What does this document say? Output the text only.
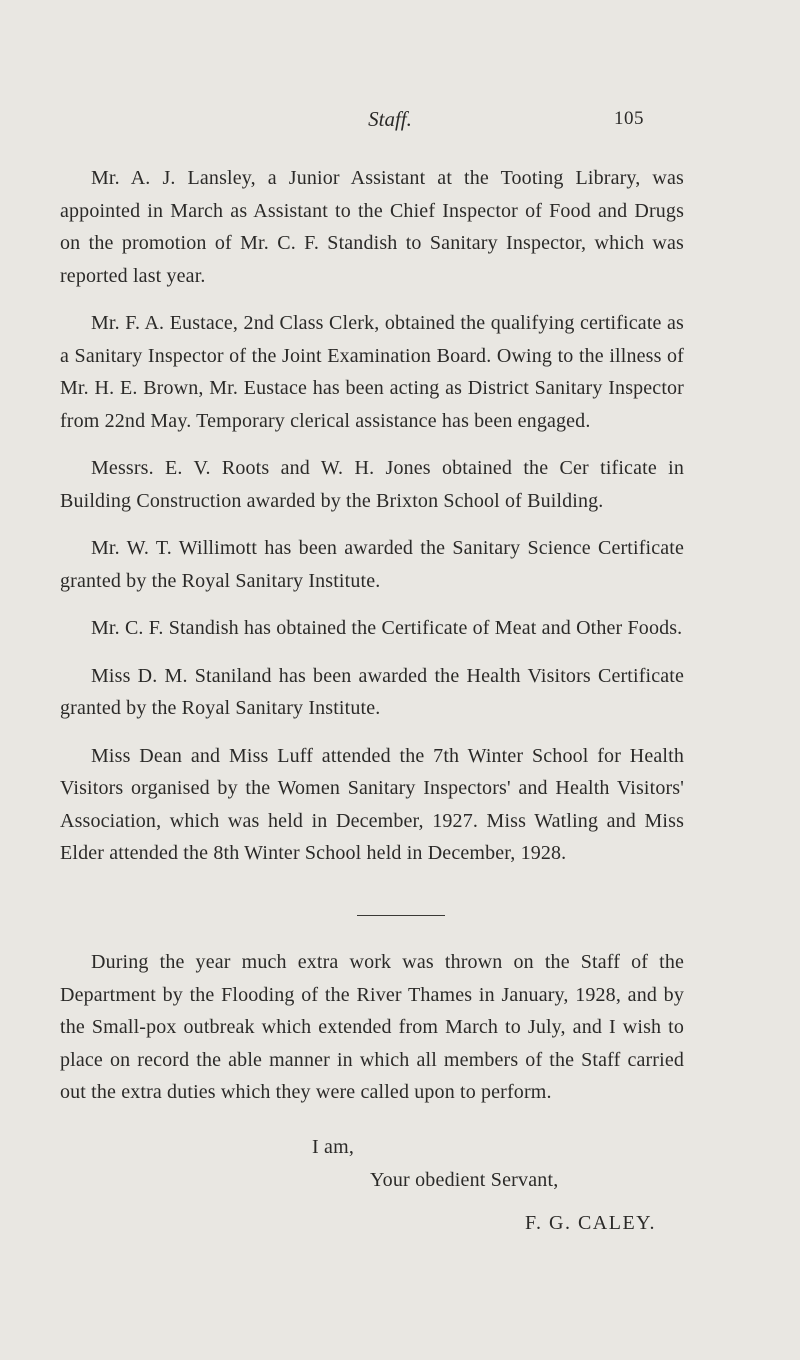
Staff.	105

Mr. A. J. Lansley, a Junior Assistant at the Tooting Library, was appointed in March as Assistant to the Chief Inspector of Food and Drugs on the promotion of Mr. C. F. Standish to Sanitary Inspector, which was reported last year.

Mr. F. A. Eustace, 2nd Class Clerk, obtained the qualifying certificate as a Sanitary Inspector of the Joint Examination Board. Owing to the illness of Mr. H. E. Brown, Mr. Eustace has been acting as District Sanitary Inspector from 22nd May. Temporary clerical assistance has been engaged.

Messrs. E. V. Roots and W. H. Jones obtained the Cer tificate in Building Construction awarded by the Brixton School of Building.

Mr. W. T. Willimott has been awarded the Sanitary Science Certificate granted by the Royal Sanitary Institute.

Mr. C. F. Standish has obtained the Certificate of Meat and Other Foods.

Miss D. M. Staniland has been awarded the Health Visitors Certificate granted by the Royal Sanitary Institute.

Miss Dean and Miss Luff attended the 7th Winter School for Health Visitors organised by the Women Sanitary Inspectors' and Health Visitors' Association, which was held in December, 1927. Miss Watling and Miss Elder attended the 8th Winter School held in December, 1928.

During the year much extra work was thrown on the Staff of the Department by the Flooding of the River Thames in January, 1928, and by the Small-pox outbreak which extended from March to July, and I wish to place on record the able manner in which all members of the Staff carried out the extra duties which they were called upon to perform.

I am,
Your obedient Servant,
F. G. CALEY.
